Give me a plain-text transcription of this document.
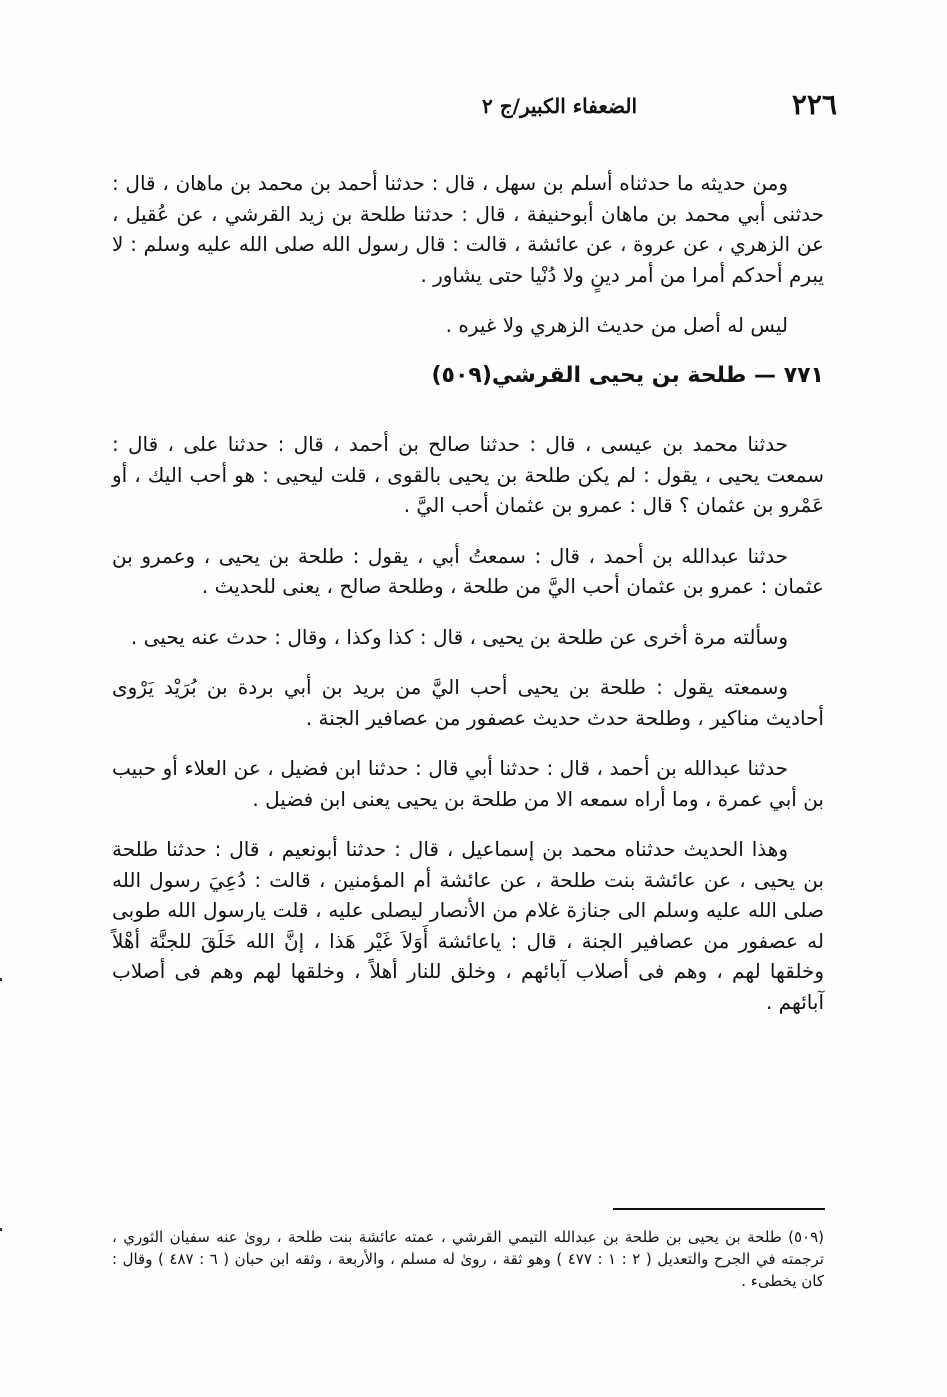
٢٢٦
الضعفاء الكبير/ج ٢

ومن حديثه ما حدثناه أسلم بن سهل ، قال : حدثنا أحمد بن محمد بن ماهان ، قال : حدثنى أبي محمد بن ماهان أبوحنيفة ، قال : حدثنا طلحة بن زيد القرشي ، عن عُقيل ، عن الزهري ، عن عروة ، عن عائشة ، قالت : قال رسول الله صلى الله عليه وسلم : لا يبرم أحدكم أمرا من أمر دينٍ ولا دُنْيا حتى يشاور .

ليس له أصل من حديث الزهري ولا غيره .

٧٧١ — طلحة بن يحيى القرشي(٥٠٩)

حدثنا محمد بن عيسى ، قال : حدثنا صالح بن أحمد ، قال : حدثنا على ، قال : سمعت يحيى ، يقول : لم يكن طلحة بن يحيى بالقوى ، قلت ليحيى : هو أحب اليك ، أو عَمْرو بن عثمان ؟ قال : عمرو بن عثمان أحب اليَّ .

حدثنا عبدالله بن أحمد ، قال : سمعتُ أبي ، يقول : طلحة بن يحيى ، وعمرو بن عثمان : عمرو بن عثمان أحب اليَّ من طلحة ، وطلحة صالح ، يعنى للحديث .

وسألته مرة أخرى عن طلحة بن يحيى ، قال : كذا وكذا ، وقال : حدث عنه يحيى .

وسمعته يقول : طلحة بن يحيى أحب اليَّ من بريد بن أبي بردة بن بُرَيْد يَرْوى أحاديث مناكير ، وطلحة حدث حديث عصفور من عصافير الجنة .

حدثنا عبدالله بن أحمد ، قال : حدثنا أبي قال : حدثنا ابن فضيل ، عن العلاء أو حبيب بن أبي عمرة ، وما أراه سمعه الا من طلحة بن يحيى يعنى ابن فضيل .

وهذا الحديث حدثناه محمد بن إسماعيل ، قال : حدثنا أبونعيم ، قال : حدثنا طلحة بن يحيى ، عن عائشة بنت طلحة ، عن عائشة أم المؤمنين ، قالت : دُعِيَ رسول الله صلى الله عليه وسلم الى جنازة غلام من الأنصار ليصلى عليه ، قلت يارسول الله طوبى له عصفور من عصافير الجنة ، قال : ياعائشة أَوَلاَ غَيْر هَذا ، إنَّ الله خَلَقَ للجنَّة أهْلاً وخلقها لهم ، وهم فى أصلاب آبائهم ، وخلق للنار أهلاً ، وخلقها لهم وهم فى أصلاب آبائهم .

(٥٠٩) طلحة بن يحيى بن طلحة بن عبدالله التيمي القرشي ، عمته عائشة بنت طلحة ، روىٰ عنه سفيان الثوري ، ترجمته في الجرح والتعديل ( ٢ : ١ : ٤٧٧ ) وهو ثقة ، روىٰ له مسلم ، والأربعة ، وثقه ابن حبان ( ٦ : ٤٨٧ ) وقال : كان يخطىء .
